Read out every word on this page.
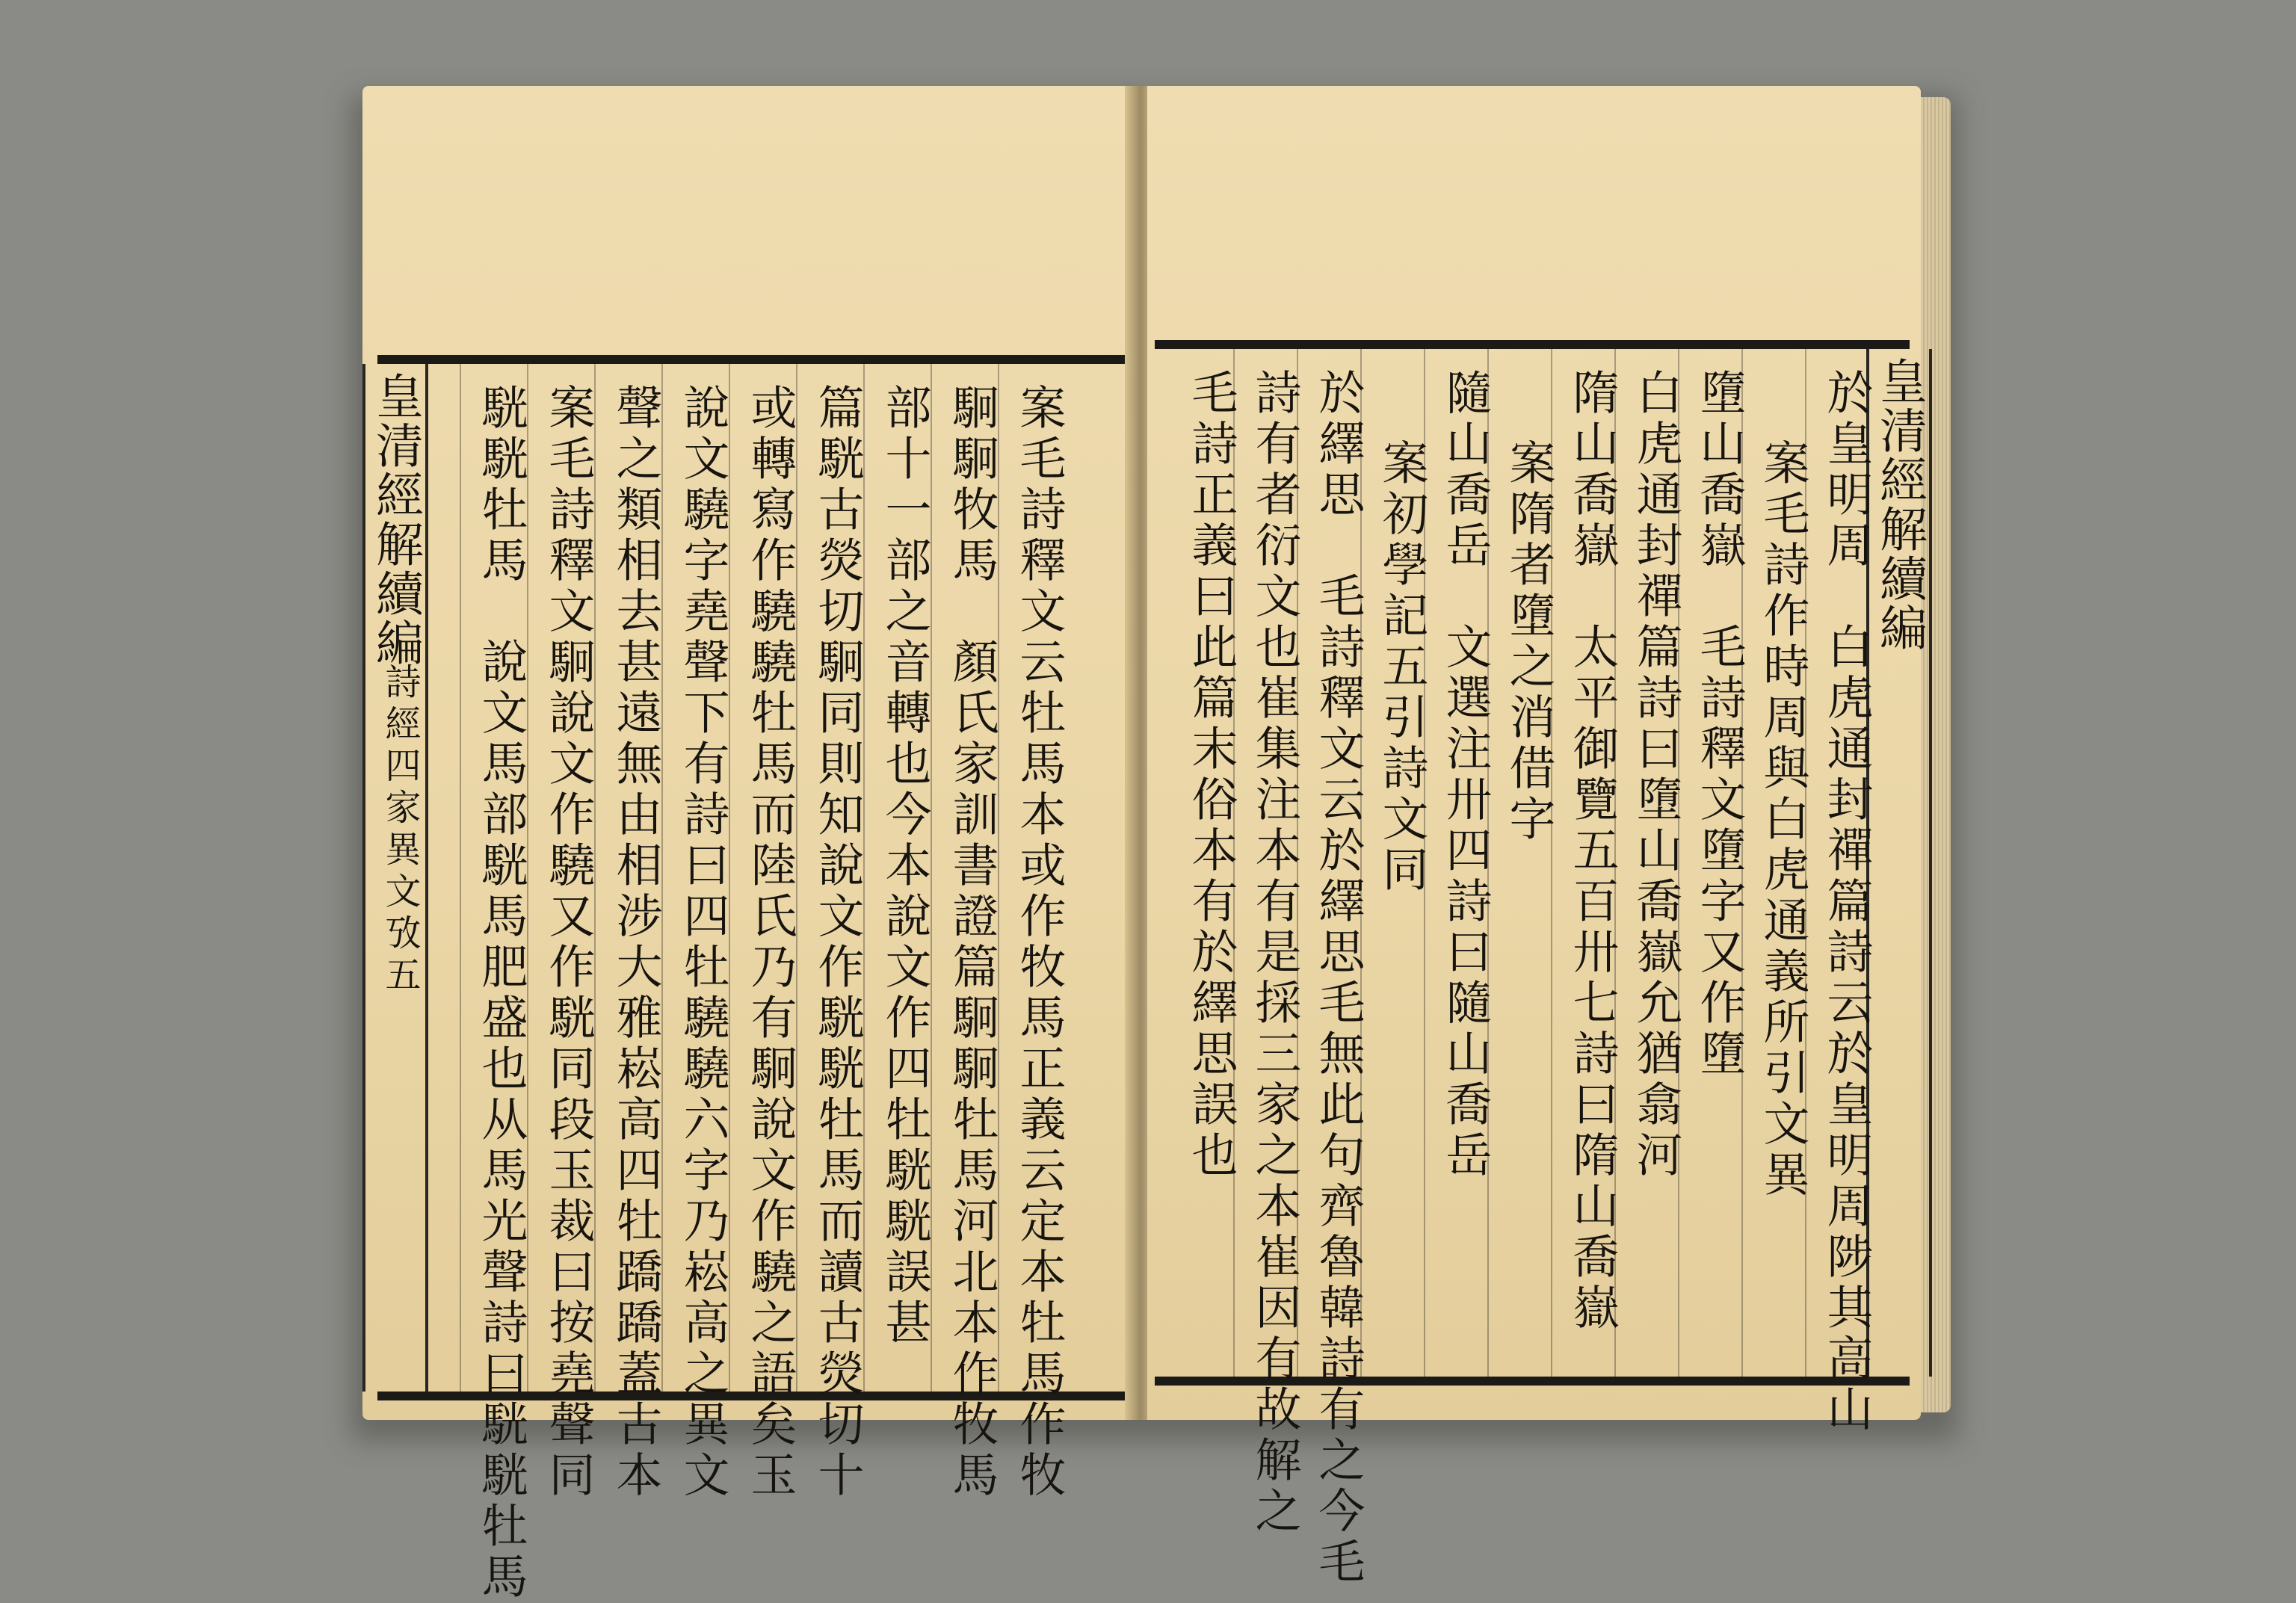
皇清經解續編
詩經四家異文攷五	案毛詩釋文云牡馬本或作牧馬正義云定本牡馬作牧
駉駉牧馬　顏氏家訓書證篇駉駉牡馬河北本作牧馬
部十一部之音轉也今本說文作四牡駫駫誤甚
篇駫古熒切駉同則知說文作駫駫牡馬而讀古熒切十
或轉寫作驍驍牡馬而陸氏乃有駉說文作驍之語矣玉
說文驍字堯聲下有詩曰四牡驍驍六字乃崧高之異文
聲之類相去甚遠無由相涉大雅崧高四牡蹻蹻蓋古本
案毛詩釋文駉說文作驍又作駫同段玉裁曰按堯聲同
駫駫牡馬　說文馬部駫馬肥盛也从馬光聲詩曰駫駫牡馬	皇清經解續編
於皇明周　白虎通封禪篇詩云於皇明周陟其高山
案毛詩作時周與白虎通義所引文異
墮山喬嶽　毛詩釋文墮字又作墮
白虎通封禪篇詩曰墮山喬嶽允猶翕河
隋山喬嶽　太平御覽五百卅七詩曰隋山喬嶽
案隋者墮之消借字
隨山喬岳　文選注卅四詩曰隨山喬岳
案初學記五引詩文同
於繹思　毛詩釋文云於繹思毛無此句齊魯韓詩有之今毛
詩有者衍文也崔集注本有是採三家之本崔因有故解之
毛詩正義曰此篇末俗本有於繹思誤也
